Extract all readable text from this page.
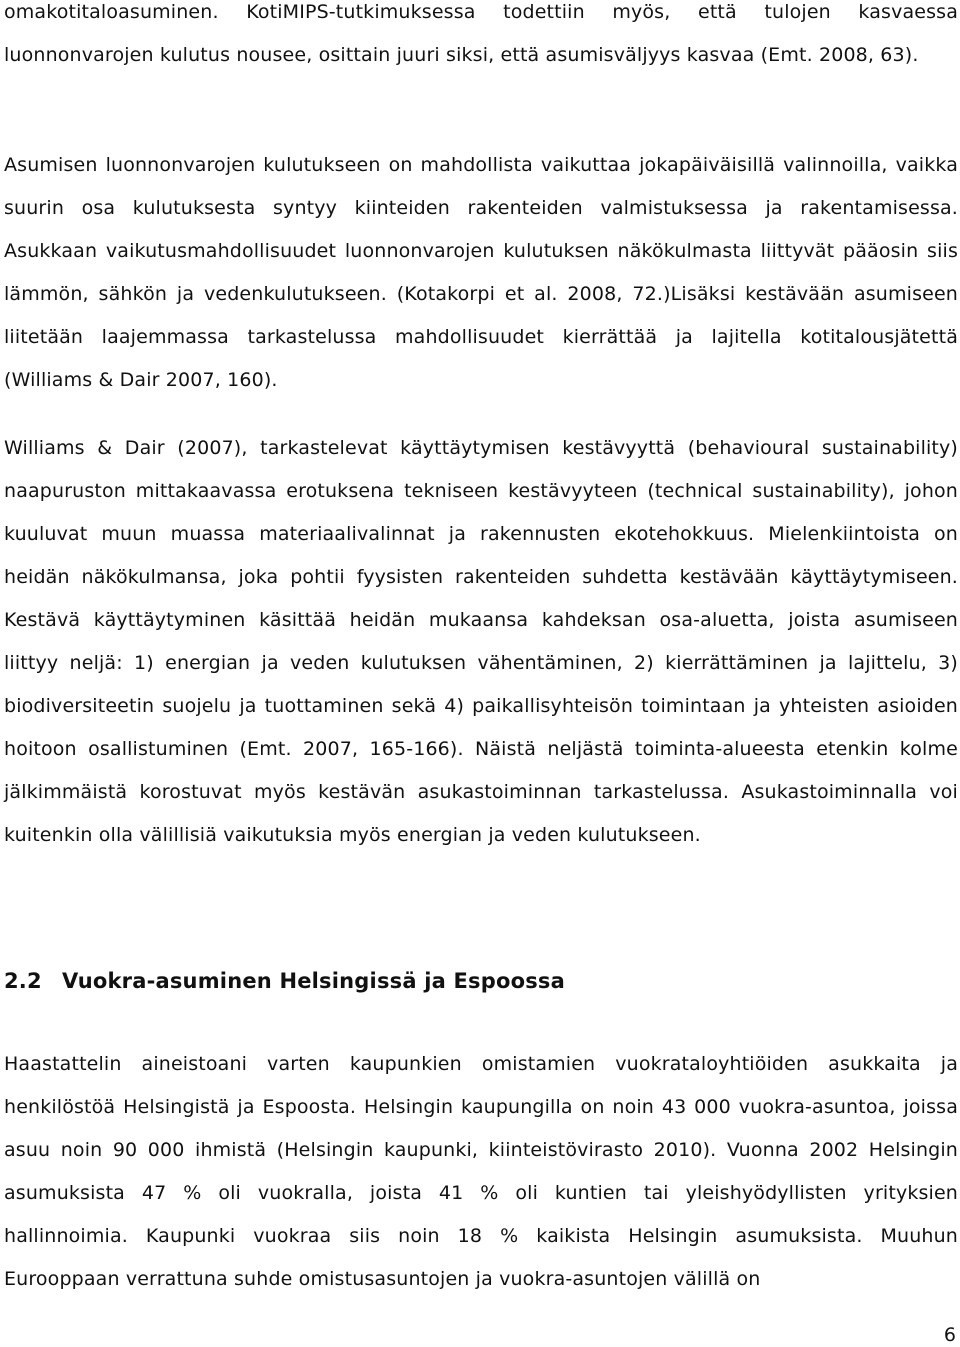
omakotitaloasuminen. KotiMIPS-tutkimuksessa todettiin myös, että tulojen kasvaessa luonnonvarojen kulutus nousee, osittain juuri siksi, että asumisväljyys kasvaa (Emt. 2008, 63).

Asumisen luonnonvarojen kulutukseen on mahdollista vaikuttaa jokapäiväisillä valinnoilla, vaikka suurin osa kulutuksesta syntyy kiinteiden rakenteiden valmistuksessa ja rakentamisessa. Asukkaan vaikutusmahdollisuudet luonnonvarojen kulutuksen näkökulmasta liittyvät pääosin siis lämmön, sähkön ja vedenkulutukseen. (Kotakorpi et al. 2008, 72.)Lisäksi kestävään asumiseen liitetään laajemmassa tarkastelussa mahdollisuudet kierrättää ja lajitella kotitalousjätettä (Williams & Dair 2007, 160).

Williams & Dair (2007), tarkastelevat käyttäytymisen kestävyyttä (behavioural sustainability) naapuruston mittakaavassa erotuksena tekniseen kestävyyteen (technical sustainability), johon kuuluvat muun muassa materiaalivalinnat ja rakennusten ekotehokkuus. Mielenkiintoista on heidän näkökulmansa, joka pohtii fyysisten rakenteiden suhdetta kestävään käyttäytymiseen. Kestävä käyttäytyminen käsittää heidän mukaansa kahdeksan osa-aluetta, joista asumiseen liittyy neljä: 1) energian ja veden kulutuksen vähentäminen, 2) kierrättäminen ja lajittelu, 3) biodiversiteetin suojelu ja tuottaminen sekä 4) paikallisyhteisön toimintaan ja yhteisten asioiden hoitoon osallistuminen (Emt. 2007, 165-166). Näistä neljästä toiminta-alueesta etenkin kolme jälkimmäistä korostuvat myös kestävän asukastoiminnan tarkastelussa. Asukastoiminnalla voi kuitenkin olla välillisiä vaikutuksia myös energian ja veden kulutukseen.

2.2 Vuokra-asuminen Helsingissä ja Espoossa

Haastattelin aineistoani varten kaupunkien omistamien vuokrataloyhtiöiden asukkaita ja henkilöstöä Helsingistä ja Espoosta. Helsingin kaupungilla on noin 43 000 vuokra-asuntoa, joissa asuu noin 90 000 ihmistä (Helsingin kaupunki, kiinteistövirasto 2010). Vuonna 2002 Helsingin asumuksista 47 % oli vuokralla, joista 41 % oli kuntien tai yleishyödyllisten yrityksien hallinnoimia. Kaupunki vuokraa siis noin 18 % kaikista Helsingin asumuksista. Muuhun Eurooppaan verrattuna suhde omistusasuntojen ja vuokra-asuntojen välillä on

6
